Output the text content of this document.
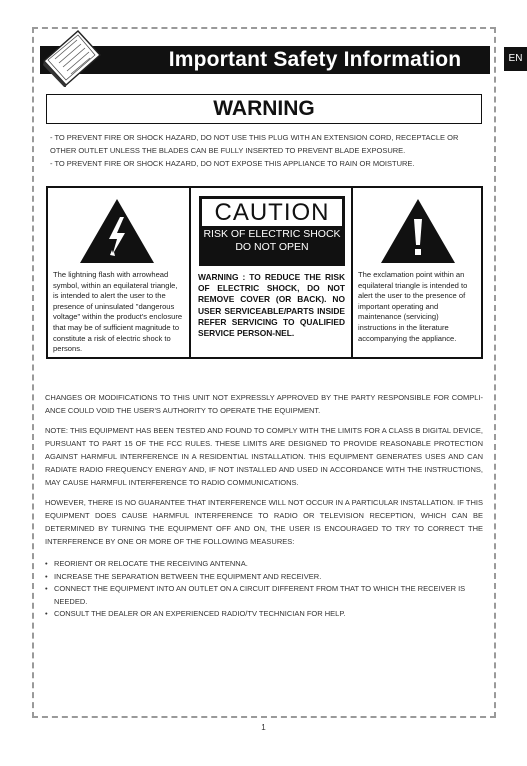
Important Safety Information	EN
WARNING
- TO PREVENT FIRE OR SHOCK HAZARD, DO NOT USE THIS PLUG WITH AN EXTENSION CORD, RECEPTACLE OR
OTHER OUTLET UNLESS THE BLADES CAN BE FULLY INSERTED TO PREVENT BLADE EXPOSURE.
- TO PREVENT FIRE OR SHOCK HAZARD, DO NOT EXPOSE THIS APPLIANCE TO RAIN OR MOISTURE.
The lightning flash with arrowhead symbol, within an equilateral triangle, is intended to alert the user to the presence of uninsulated "dangerous voltage" within the product's enclosure that may be of sufficient magnitude to constitute a risk of electric shock to persons.
CAUTION
RISK OF ELECTRIC SHOCK
DO NOT OPEN
WARNING : TO REDUCE THE RISK OF ELECTRIC SHOCK, DO NOT REMOVE COVER (OR BACK). NO USER SERVICEABLE/PARTS INSIDE REFER SERVICING TO QUALIFIED SERVICE PERSON-NEL.
The exclamation point within an equilateral triangle is intended to alert the user to the presence of important operating and maintenance (servicing) instructions in the literature accompanying the appliance.
CHANGES OR MODIFICATIONS TO THIS UNIT NOT EXPRESSLY APPROVED BY THE PARTY RESPONSIBLE FOR COMPLI-ANCE COULD VOID THE USER'S AUTHORITY TO OPERATE THE EQUIPMENT.
NOTE: THIS EQUIPMENT HAS BEEN TESTED AND FOUND TO COMPLY WITH THE LIMITS FOR A CLASS B DIGITAL DEVICE, PURSUANT TO PART 15 OF THE FCC RULES. THESE LIMITS ARE DESIGNED TO PROVIDE REASONABLE PROTECTION AGAINST HARMFUL INTERFERENCE IN A RESIDENTIAL INSTALLATION. THIS EQUIPMENT GENERATES USES AND CAN RADIATE RADIO FREQUENCY ENERGY AND, IF NOT INSTALLED AND USED IN ACCORDANCE WITH THE INSTRUCTIONS, MAY CAUSE HARMFUL INTERFERENCE TO RADIO COMMUNICATIONS.
HOWEVER, THERE IS NO GUARANTEE THAT INTERFERENCE WILL NOT OCCUR IN A PARTICULAR INSTALLATION. IF THIS EQUIPMENT DOES CAUSE HARMFUL INTERFERENCE TO RADIO OR TELEVISION RECEPTION, WHICH CAN BE DETERMINED BY TURNING THE EQUIPMENT OFF AND ON, THE USER IS ENCOURAGED TO TRY TO CORRECT THE INTERFERENCE BY ONE OR MORE OF THE FOLLOWING MEASURES:
• REORIENT OR RELOCATE THE RECEIVING ANTENNA.
• INCREASE THE SEPARATION BETWEEN THE EQUIPMENT AND RECEIVER.
• CONNECT THE EQUIPMENT INTO AN OUTLET ON A CIRCUIT DIFFERENT FROM THAT TO WHICH THE RECEIVER IS NEEDED.
• CONSULT THE DEALER OR AN EXPERIENCED RADIO/TV TECHNICIAN FOR HELP.
1
